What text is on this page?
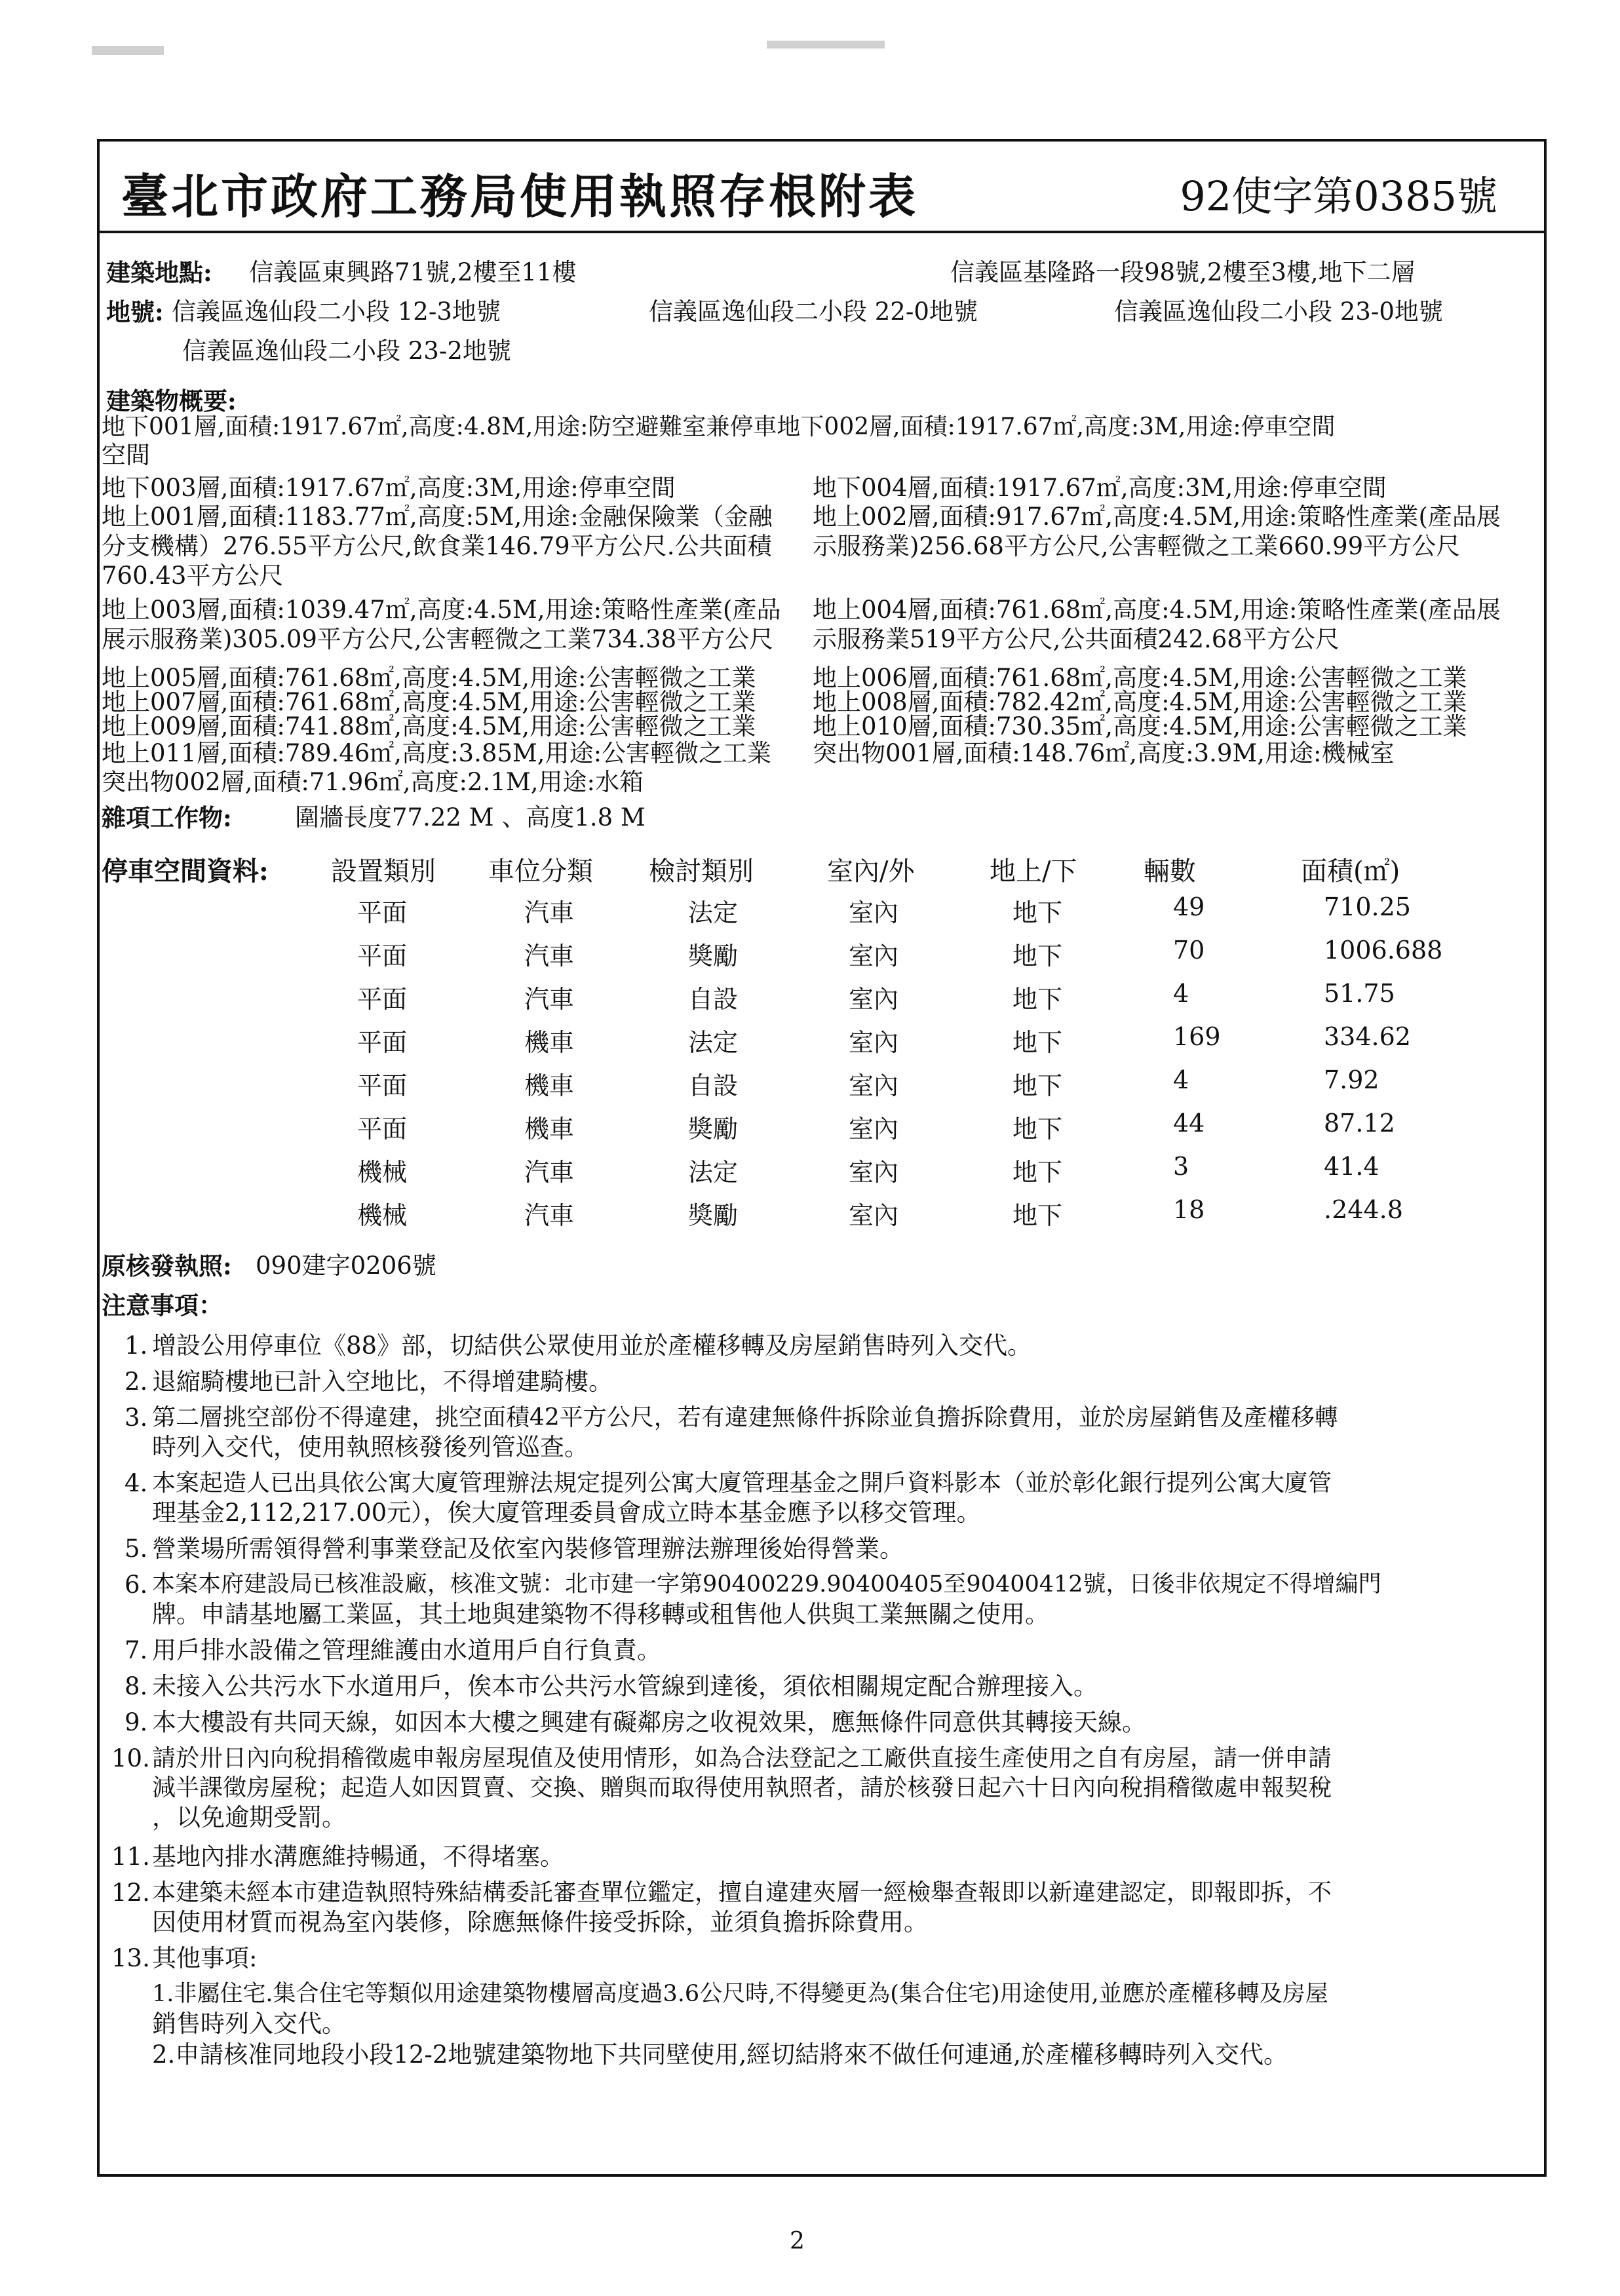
臺北市政府工務局使用執照存根附表	92使字第0385號
建築地點: 信義區東興路71號,2樓至11樓	信義區基隆路一段98號,2樓至3樓,地下二層
地號: 信義區逸仙段二小段 12-3地號	信義區逸仙段二小段 22-0地號	信義區逸仙段二小段 23-0地號
信義區逸仙段二小段 23-2地號
建築物概要:
地下001層,面積:1917.67㎡,高度:4.8M,用途:防空避難室兼停車地下002層,面積:1917.67㎡,高度:3M,用途:停車空間
空間
地下003層,面積:1917.67㎡,高度:3M,用途:停車空間	地下004層,面積:1917.67㎡,高度:3M,用途:停車空間
地上001層,面積:1183.77㎡,高度:5M,用途:金融保險業（金融
分支機構）276.55平方公尺,飲食業146.79平方公尺.公共面積
760.43平方公尺
地上002層,面積:917.67㎡,高度:4.5M,用途:策略性產業(產品展
示服務業)256.68平方公尺,公害輕微之工業660.99平方公尺
地上003層,面積:1039.47㎡,高度:4.5M,用途:策略性產業(產品
展示服務業)305.09平方公尺,公害輕微之工業734.38平方公尺
地上004層,面積:761.68㎡,高度:4.5M,用途:策略性產業(產品展
示服務業519平方公尺,公共面積242.68平方公尺
地上005層,面積:761.68㎡,高度:4.5M,用途:公害輕微之工業 地上006層,面積:761.68㎡,高度:4.5M,用途:公害輕微之工業
地上007層,面積:761.68㎡,高度:4.5M,用途:公害輕微之工業 地上008層,面積:782.42㎡,高度:4.5M,用途:公害輕微之工業
地上009層,面積:741.88㎡,高度:4.5M,用途:公害輕微之工業 地上010層,面積:730.35㎡,高度:4.5M,用途:公害輕微之工業
地上011層,面積:789.46㎡,高度:3.85M,用途:公害輕微之工業 突出物001層,面積:148.76㎡,高度:3.9M,用途:機械室
突出物002層,面積:71.96㎡,高度:2.1M,用途:水箱
雜項工作物:	圍牆長度77.22 M 、高度1.8 M
停車空間資料: 設置類別 車位分類 檢討類別	室內/外	地上/下	輛數	面積(㎡)
平面	汽車	法定	室內	地下	49	710.25
平面	汽車	獎勵	室內	地下	70	1006.688
平面	汽車	自設	室內	地下	4	51.75
平面	機車	法定	室內	地下	169	334.62
平面	機車	自設	室內	地下	4	7.92
平面	機車	獎勵	室內	地下	44	87.12
機械	汽車	法定	室內	地下	3	41.4
機械	汽車	獎勵	室內	地下	18	.244.8
原核發執照: 090建字0206號
注意事項：
1. 增設公用停車位《88》部，切結供公眾使用並於產權移轉及房屋銷售時列入交代。
2. 退縮騎樓地已計入空地比，不得增建騎樓。
3. 第二層挑空部份不得違建，挑空面積42平方公尺，若有違建無條件拆除並負擔拆除費用，並於房屋銷售及產權移轉
時列入交代，使用執照核發後列管巡查。
4. 本案起造人已出具依公寓大廈管理辦法規定提列公寓大廈管理基金之開戶資料影本（並於彰化銀行提列公寓大廈管
理基金2,112,217.00元），俟大廈管理委員會成立時本基金應予以移交管理。
5. 營業場所需領得營利事業登記及依室內裝修管理辦法辦理後始得營業。
6. 本案本府建設局已核准設廠，核准文號：北市建一字第90400229.90400405至90400412號，日後非依規定不得增編門
牌。申請基地屬工業區，其土地與建築物不得移轉或租售他人供與工業無關之使用。
7. 用戶排水設備之管理維護由水道用戶自行負責。
8. 未接入公共污水下水道用戶，俟本市公共污水管線到達後，須依相關規定配合辦理接入。
9. 本大樓設有共同天線，如因本大樓之興建有礙鄰房之收視效果，應無條件同意供其轉接天線。
10. 請於卅日內向稅捐稽徵處申報房屋現值及使用情形，如為合法登記之工廠供直接生產使用之自有房屋，請一併申請
減半課徵房屋稅；起造人如因買賣、交換、贈與而取得使用執照者，請於核發日起六十日內向稅捐稽徵處申報契稅
，以免逾期受罰。
11. 基地內排水溝應維持暢通，不得堵塞。
12. 本建築未經本市建造執照特殊結構委託審查單位鑑定，擅自違建夾層一經檢舉查報即以新違建認定，即報即拆，不
因使用材質而視為室內裝修，除應無條件接受拆除，並須負擔拆除費用。
13. 其他事項:
1.非屬住宅.集合住宅等類似用途建築物樓層高度過3.6公尺時,不得變更為(集合住宅)用途使用,並應於產權移轉及房屋
銷售時列入交代。
2.申請核准同地段小段12-2地號建築物地下共同壁使用,經切結將來不做任何連通,於產權移轉時列入交代。
2
